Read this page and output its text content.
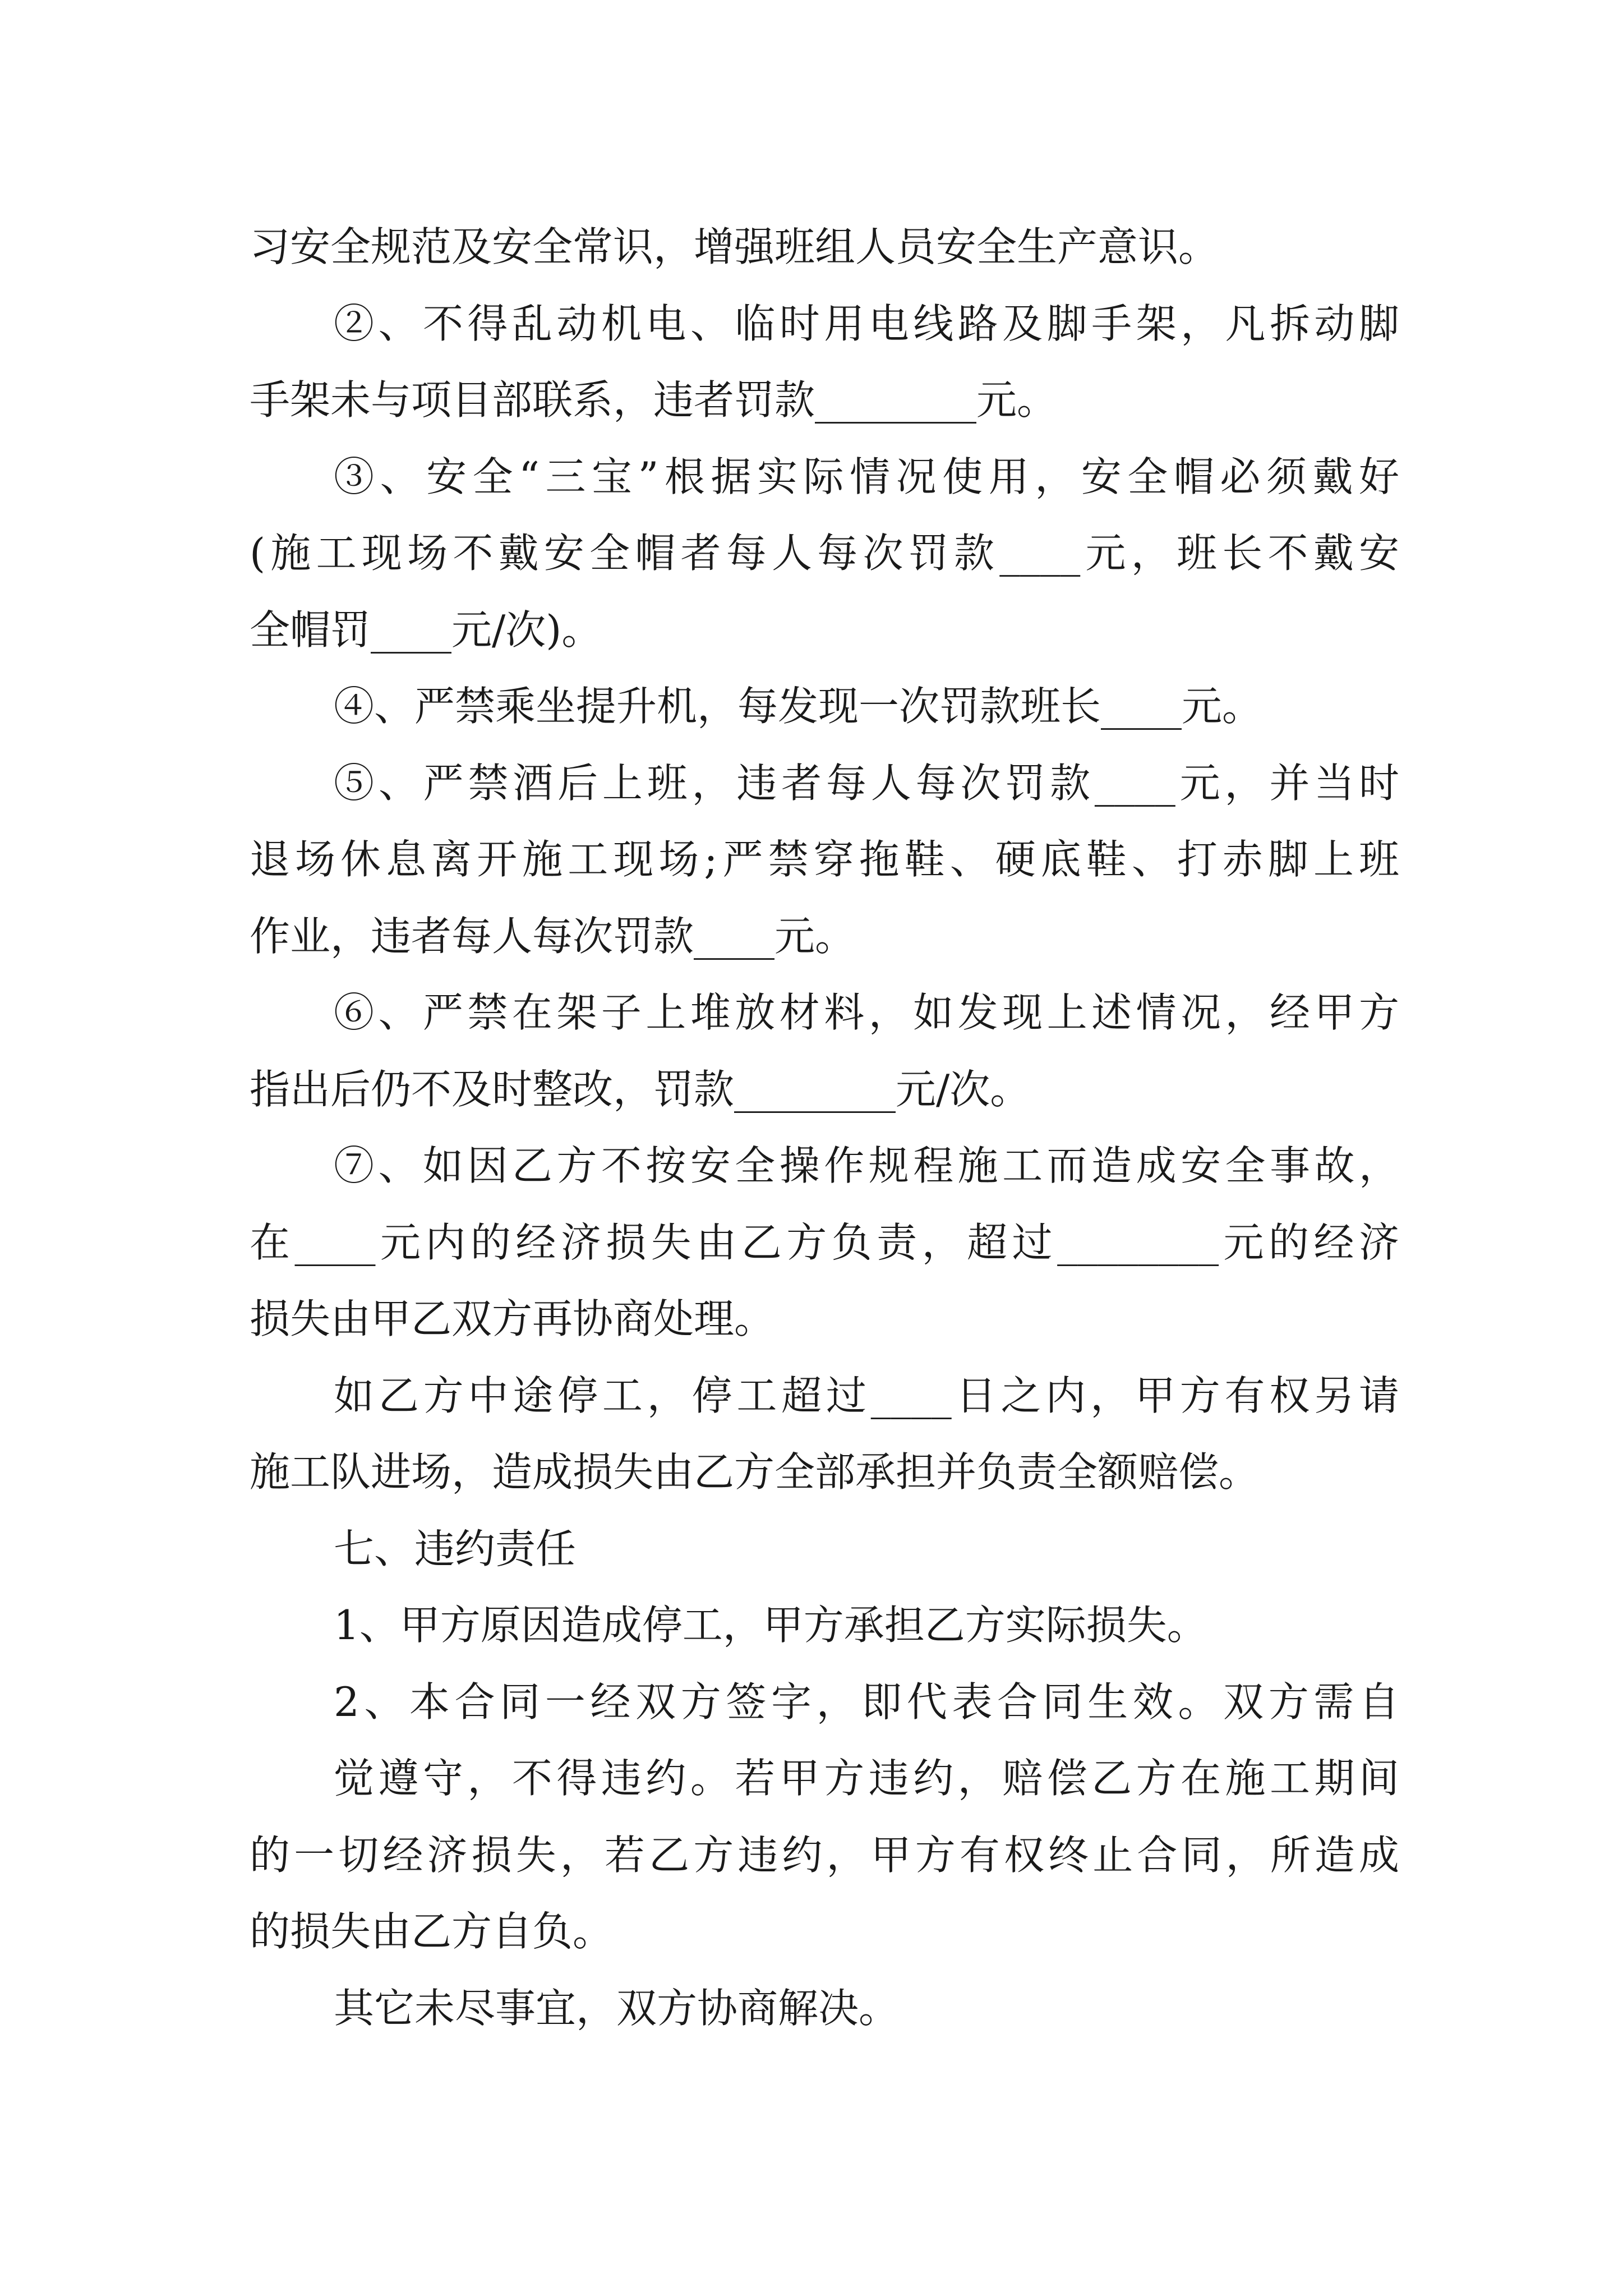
习安全规范及安全常识，增强班组人员安全生产意识。
②、不得乱动机电、临时用电线路及脚手架，凡拆动脚
手架未与项目部联系，违者罚款________元。
③、安全“三宝”根据实际情况使用，安全帽必须戴好
(施工现场不戴安全帽者每人每次罚款____元，班长不戴安
全帽罚____元/次)。
④、严禁乘坐提升机，每发现一次罚款班长____元。
⑤、严禁酒后上班，违者每人每次罚款____元，并当时
退场休息离开施工现场;严禁穿拖鞋、硬底鞋、打赤脚上班
作业，违者每人每次罚款____元。
⑥、严禁在架子上堆放材料，如发现上述情况，经甲方
指出后仍不及时整改，罚款________元/次。
⑦、如因乙方不按安全操作规程施工而造成安全事故，
在____元内的经济损失由乙方负责，超过________元的经济
损失由甲乙双方再协商处理。
如乙方中途停工，停工超过____日之内，甲方有权另请
施工队进场，造成损失由乙方全部承担并负责全额赔偿。
七、违约责任
1、甲方原因造成停工，甲方承担乙方实际损失。
2、本合同一经双方签字，即代表合同生效。双方需自
觉遵守，不得违约。若甲方违约，赔偿乙方在施工期间
的一切经济损失，若乙方违约，甲方有权终止合同，所造成
的损失由乙方自负。
其它未尽事宜，双方协商解决。
